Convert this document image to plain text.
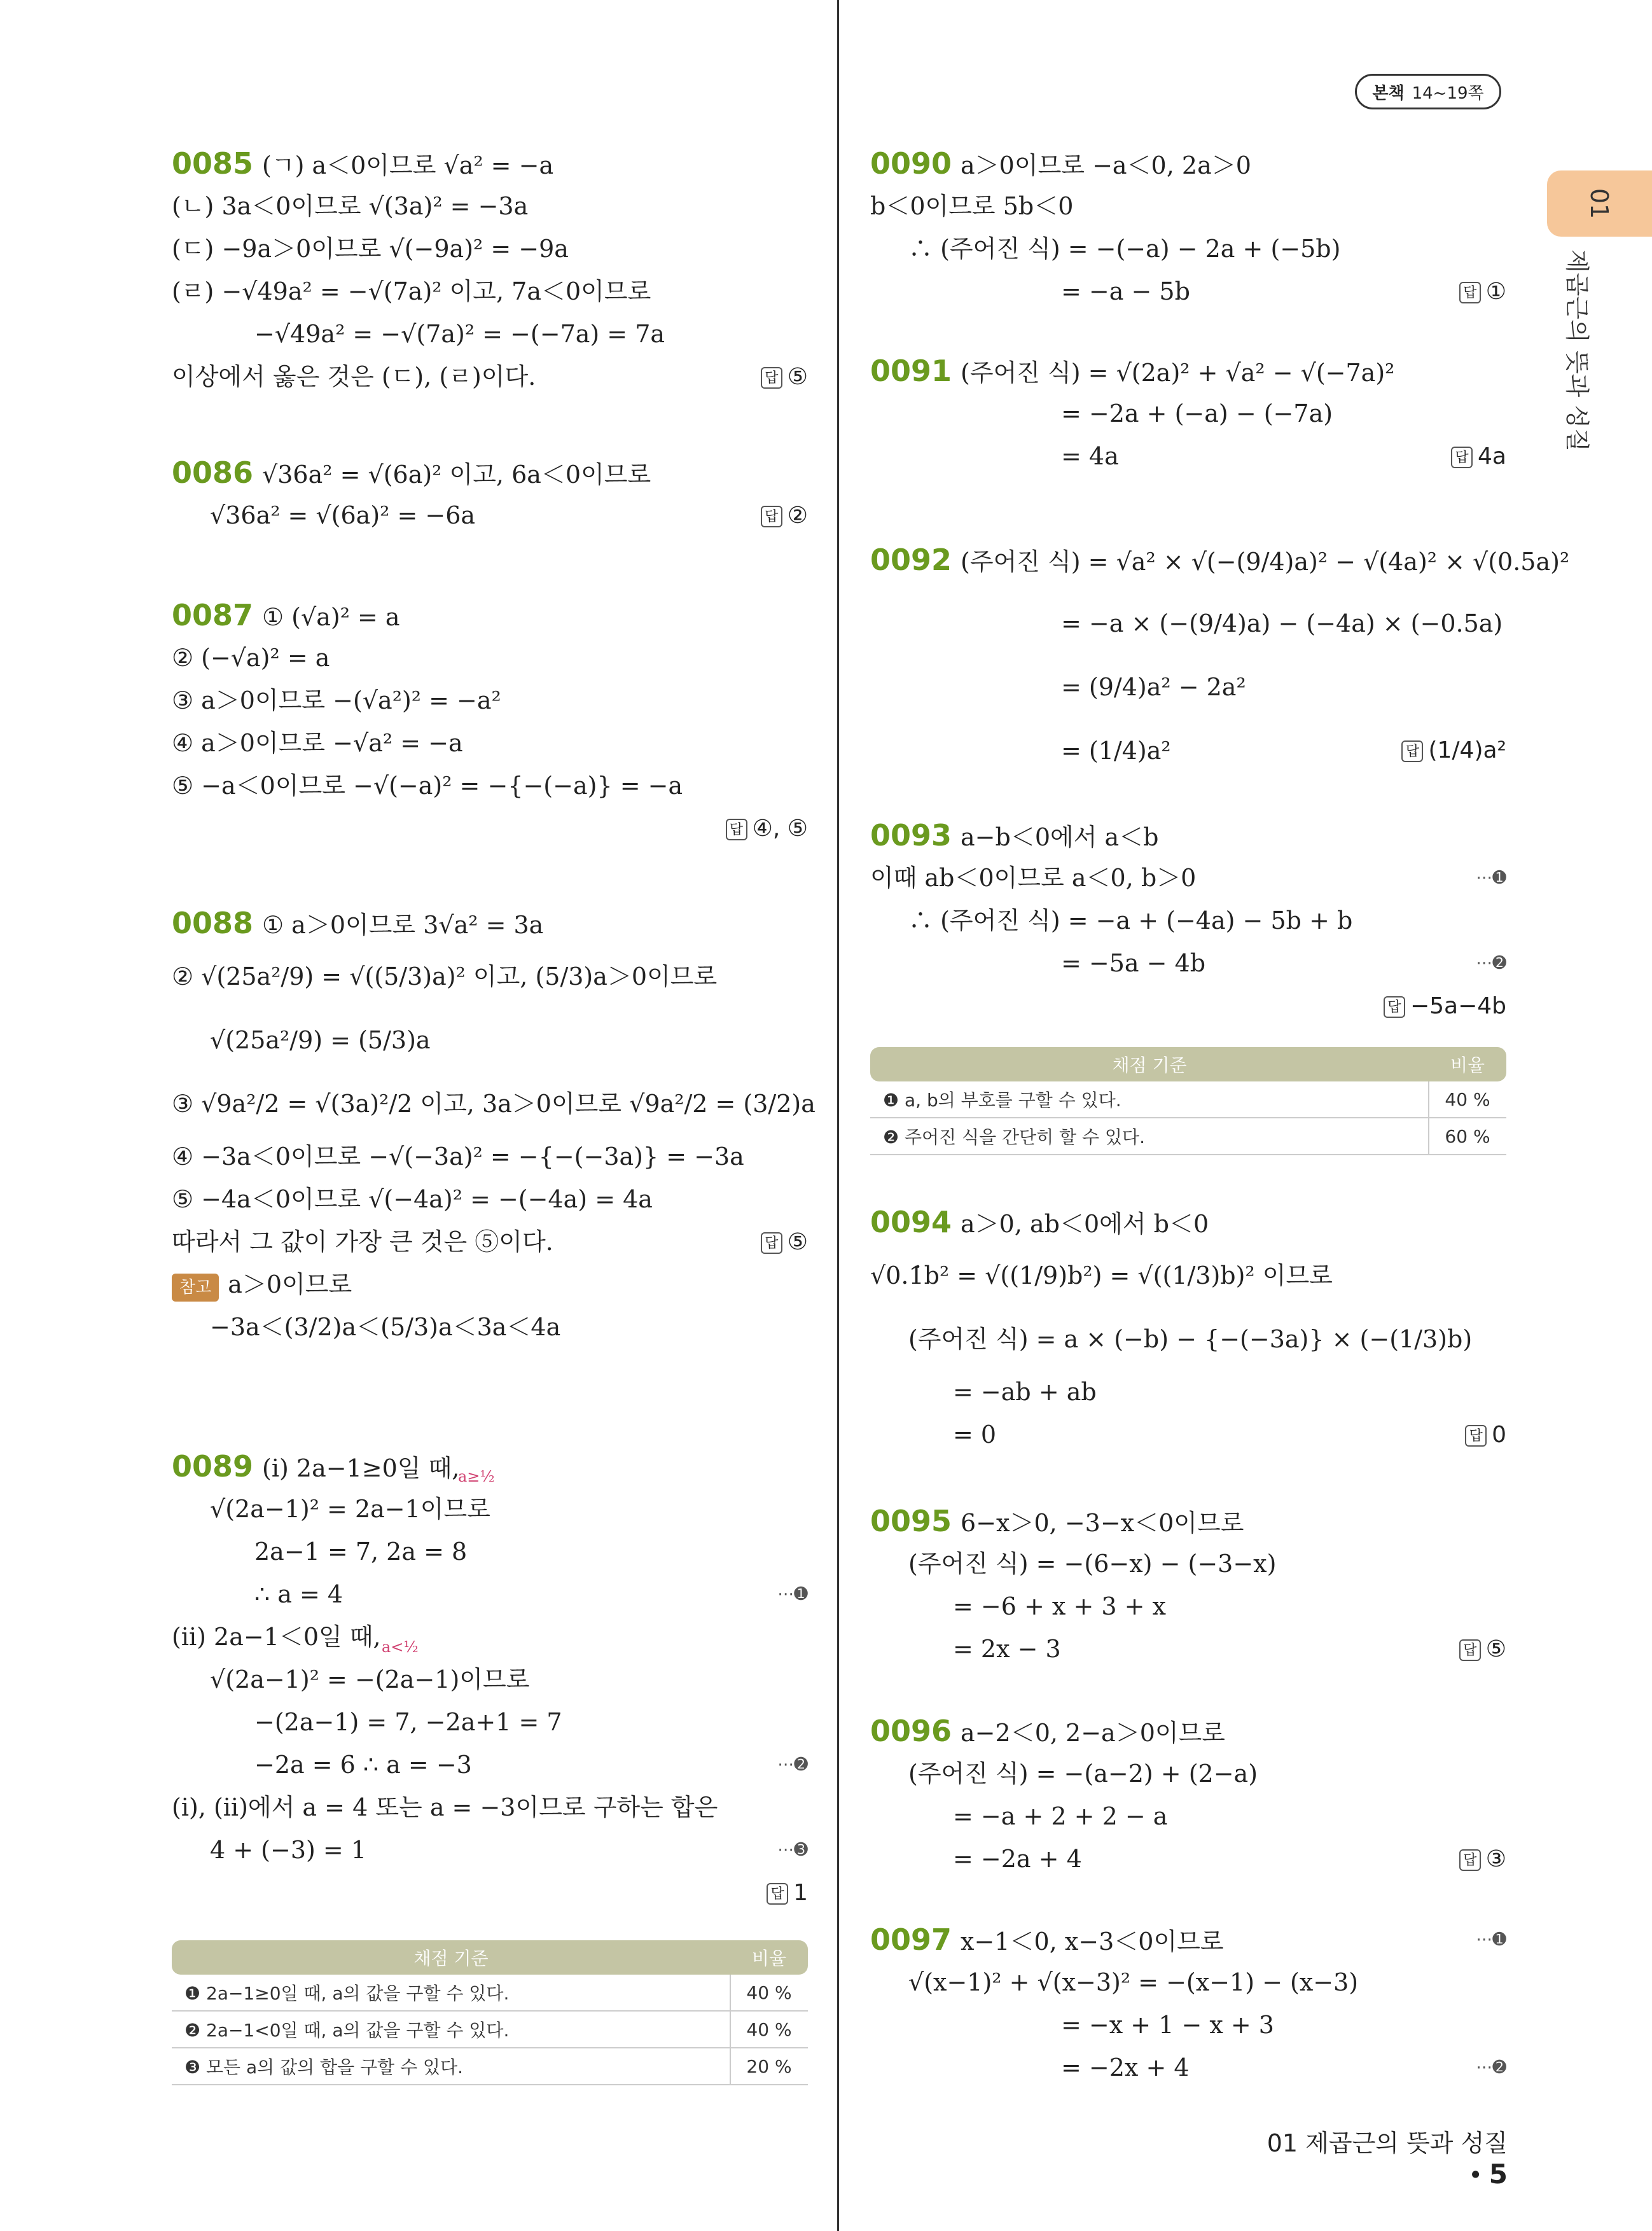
본책 14~19쪽
01
제곱근의 뜻과 성질
0085 (ㄱ) a＜0이므로 √a² = −a
(ㄴ) 3a＜0이므로 √(3a)² = −3a
(ㄷ) −9a＞0이므로 √(−9a)² = −9a
(ㄹ) −√49a² = −√(7a)² 이고, 7a＜0이므로
−√49a² = −√(7a)² = −(−7a) = 7a
이상에서 옳은 것은 (ㄷ), (ㄹ)이다.	답 ⑤
0086 √36a² = √(6a)² 이고, 6a＜0이므로
√36a² = √(6a)² = −6a	답 ②
0087 ① (√a)² = a
② (−√a)² = a
③ a＞0이므로 −(√a²)² = −a²
④ a＞0이므로 −√a² = −a
⑤ −a＜0이므로 −√(−a)² = −{−(−a)} = −a
답 ④, ⑤
0088 ① a＞0이므로 3√a² = 3a
② √(25a²/9) = √((5/3)a)² 이고, (5/3)a＞0이므로
√(25a²/9) = (5/3)a
③ √9a²/2 = √(3a)²/2 이고, 3a＞0이므로 √9a²/2 = (3/2)a
④ −3a＜0이므로 −√(−3a)² = −{−(−3a)} = −3a
⑤ −4a＜0이므로 √(−4a)² = −(−4a) = 4a
따라서 그 값이 가장 큰 것은 ⑤이다.	답 ⑤
참고 a＞0이므로
−3a＜(3/2)a＜(5/3)a＜3a＜4a
0089 (ⅰ) 2a−1≥0일 때,
a≥½
√(2a−1)² = 2a−1이므로
2a−1 = 7, 2a = 8
∴ a = 4	⋯➊
(ⅱ) 2a−1＜0일 때, a<½
√(2a−1)² = −(2a−1)이므로
−(2a−1) = 7, −2a+1 = 7
−2a = 6 ∴ a = −3	⋯➋
(ⅰ), (ⅱ)에서 a = 4 또는 a = −3이므로 구하는 합은
4 + (−3) = 1	⋯➌
답 1
채점 기준	비율
❶ 2a−1≥0일 때, a의 값을 구할 수 있다.	40 %
❷ 2a−1<0일 때, a의 값을 구할 수 있다.	40 %
❸ 모든 a의 값의 합을 구할 수 있다.	20 %
0090 a＞0이므로 −a＜0, 2a＞0
b＜0이므로 5b＜0
∴ (주어진 식) = −(−a) − 2a + (−5b)
= −a − 5b	답 ①
0091 (주어진 식) = √(2a)² + √a² − √(−7a)²
= −2a + (−a) − (−7a)
= 4a	답 4a
0092 (주어진 식) = √a² × √(−(9/4)a)² − √(4a)² × √(0.5a)²
= −a × (−(9/4)a) − (−4a) × (−0.5a)
= (9/4)a² − 2a²
= (1/4)a²	답 (1/4)a²
0093 a−b＜0에서 a＜b
이때 ab＜0이므로 a＜0, b＞0	⋯➊
∴ (주어진 식) = −a + (−4a) − 5b + b
= −5a − 4b	⋯➋
답 −5a−4b
채점 기준	비율
❶ a, b의 부호를 구할 수 있다.	40 %
❷ 주어진 식을 간단히 할 수 있다.	60 %
0094 a＞0, ab＜0에서 b＜0
√0.1̇b² = √((1/9)b²) = √((1/3)b)² 이므로
(주어진 식) = a × (−b) − {−(−3a)} × (−(1/3)b)
= −ab + ab
= 0	답 0
0095 6−x＞0, −3−x＜0이므로
(주어진 식) = −(6−x) − (−3−x)
= −6 + x + 3 + x
= 2x − 3	답 ⑤
0096 a−2＜0, 2−a＞0이므로
(주어진 식) = −(a−2) + (2−a)
= −a + 2 + 2 − a
= −2a + 4	답 ③
0097 x−1＜0, x−3＜0이므로	⋯➊
√(x−1)² + √(x−3)² = −(x−1) − (x−3)
= −x + 1 − x + 3
= −2x + 4	⋯➋
01 제곱근의 뜻과 성질 • 5
